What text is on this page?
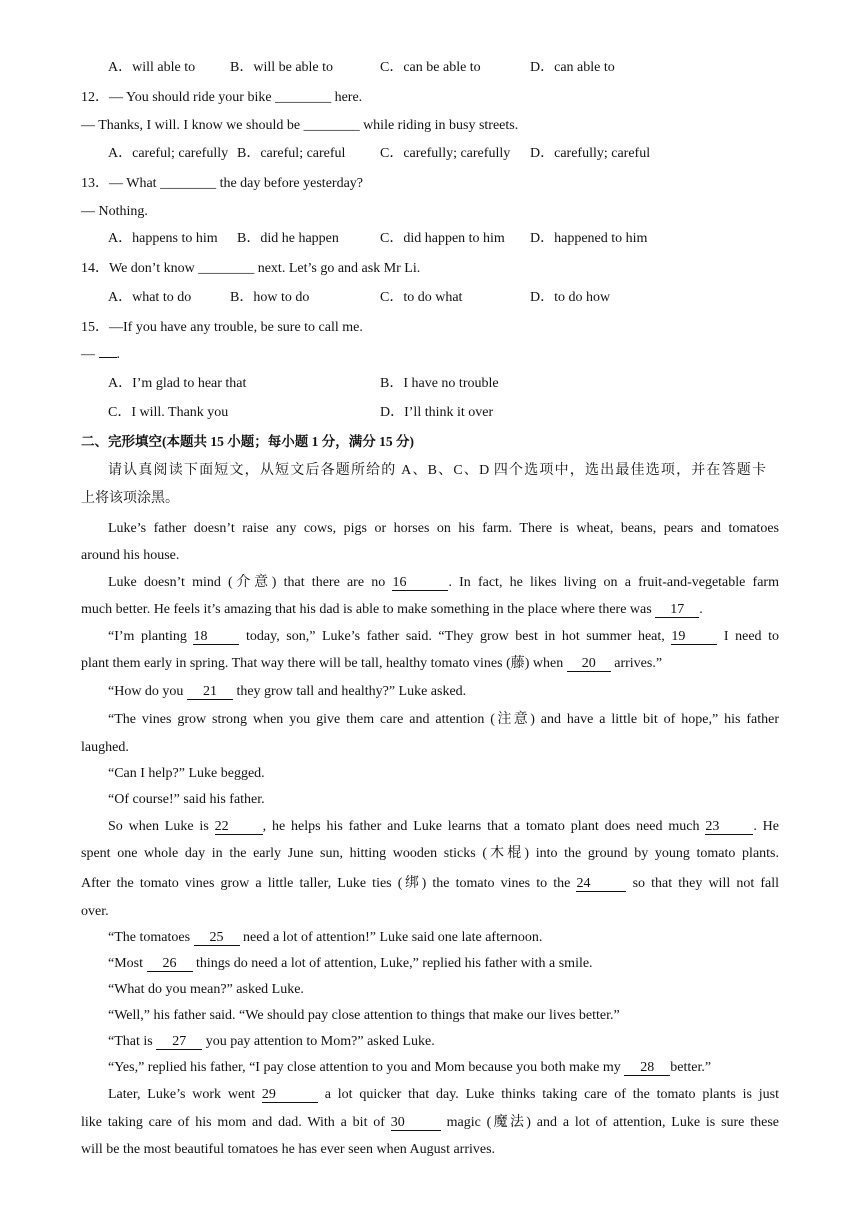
A．will able to B．will be able to	C．can be able to	D．can able to
12．— You should ride your bike ________ here.
— Thanks, I will. I know we should be ________ while riding in busy streets.
A．careful; carefully B．careful; careful C．carefully; carefully D．carefully; careful
13．— What ________ the day before yesterday?
— Nothing.
A．happens to him B．did he happen	C．did happen to him D．happened to him
14．We don’t know ________ next. Let’s go and ask Mr Li.
A．what to do	B．how to do	C．to do what	D．to do how
15．—If you have any trouble, be sure to call me.
— .
A．I’m glad to hear that	B．I have no trouble
C．I will. Thank you	D．I’ll think it over
二、完形填空(本题共 15 小题；每小题 1 分，满分 15 分)
请认真阅读下面短文，从短文后各题所给的 A、B、C、D 四个选项中，选出最佳选项，并在答题卡
上将该项涂黑。
Luke’s father doesn’t raise any cows, pigs or horses on his farm. There is wheat, beans, pears and tomatoes
around his house.
Luke doesn’t mind (介意) that there are no 16	. In fact, he likes living on a fruit-and-vegetable farm
much better. He feels it’s amazing that his dad is able to make something in the place where there was 17 .
“I’m planting 18 today, son,” Luke’s father said. “They grow best in hot summer heat, 19 I need to
plant them early in spring. That way there will be tall, healthy tomato vines (藤) when 20 arrives.”
“How do you 21 they grow tall and healthy?” Luke asked.
“The vines grow strong when you give them care and attention (注意) and have a little bit of hope,” his father
laughed.
“Can I help?” Luke begged.
“Of course!” said his father.
So when Luke is 22 , he helps his father and Luke learns that a tomato plant does need much 23 . He
spent one whole day in the early June sun, hitting wooden sticks (木棍) into the ground by young tomato plants.
After the tomato vines grow a little taller, Luke ties (绑) the tomato vines to the 24	so that they will not fall
over.
“The tomatoes 25 need a lot of attention!” Luke said one late afternoon.
“Most 26 things do need a lot of attention, Luke,” replied his father with a smile.
“What do you mean?” asked Luke.
“Well,” his father said. “We should pay close attention to things that make our lives better.”
“That is 27 you pay attention to Mom?” asked Luke.
“Yes,” replied his father, “I pay close attention to you and Mom because you both make my 28 better.”
Later, Luke’s work went 29	a lot quicker that day. Luke thinks taking care of the tomato plants is just
like taking care of his mom and dad. With a bit of 30	magic (魔法) and a lot of attention, Luke is sure these
will be the most beautiful tomatoes he has ever seen when August arrives.
